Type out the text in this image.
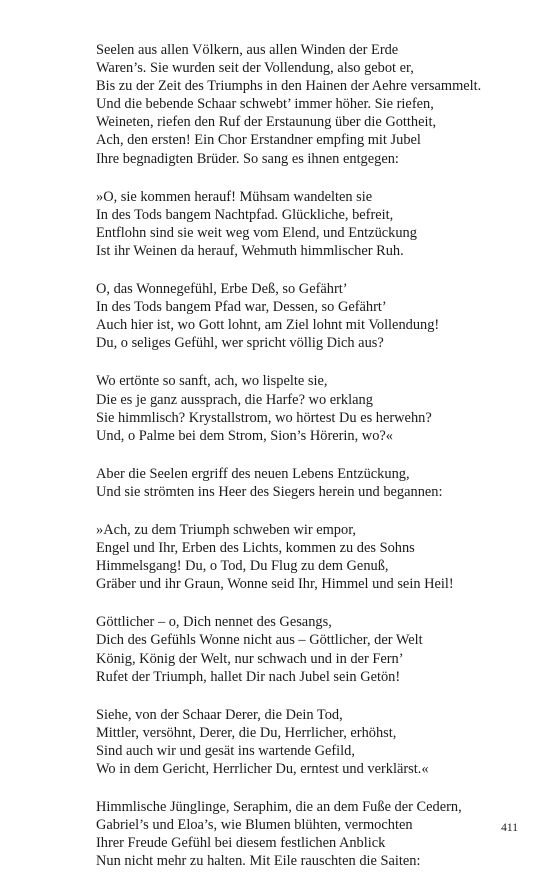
Seelen aus allen Völkern, aus allen Winden der Erde
Waren’s. Sie wurden seit der Vollendung, also gebot er,
Bis zu der Zeit des Triumphs in den Hainen der Aehre versammelt.
Und die bebende Schaar schwebt’ immer höher. Sie riefen,
Weineten, riefen den Ruf der Erstaunung über die Gottheit,
Ach, den ersten! Ein Chor Erstandner empfing mit Jubel
Ihre begnadigten Brüder. So sang es ihnen entgegen:
»O, sie kommen herauf! Mühsam wandelten sie
In des Tods bangem Nachtpfad. Glückliche, befreit,
Entflohn sind sie weit weg vom Elend, und Entzückung
Ist ihr Weinen da herauf, Wehmuth himmlischer Ruh.
O, das Wonnegefühl, Erbe Deß, so Gefährt’
In des Tods bangem Pfad war, Dessen, so Gefährt’
Auch hier ist, wo Gott lohnt, am Ziel lohnt mit Vollendung!
Du, o seliges Gefühl, wer spricht völlig Dich aus?
Wo ertönte so sanft, ach, wo lispelte sie,
Die es je ganz aussprach, die Harfe? wo erklang
Sie himmlisch? Krystallstrom, wo hörtest Du es herwehn?
Und, o Palme bei dem Strom, Sion’s Hörerin, wo?«
Aber die Seelen ergriff des neuen Lebens Entzückung,
Und sie strömten ins Heer des Siegers herein und begannen:
»Ach, zu dem Triumph schweben wir empor,
Engel und Ihr, Erben des Lichts, kommen zu des Sohns
Himmelsgang! Du, o Tod, Du Flug zu dem Genuß,
Gräber und ihr Graun, Wonne seid Ihr, Himmel und sein Heil!
Göttlicher – o, Dich nennet des Gesangs,
Dich des Gefühls Wonne nicht aus – Göttlicher, der Welt
König, König der Welt, nur schwach und in der Fern’
Rufet der Triumph, hallet Dir nach Jubel sein Getön!
Siehe, von der Schaar Derer, die Dein Tod,
Mittler, versöhnt, Derer, die Du, Herrlicher, erhöhst,
Sind auch wir und gesät ins wartende Gefild,
Wo in dem Gericht, Herrlicher Du, erntest und verklärst.«
Himmlische Jünglinge, Seraphim, die an dem Fuße der Cedern,
Gabriel’s und Eloa’s, wie Blumen blühten, vermochten
Ihrer Freude Gefühl bei diesem festlichen Anblick
Nun nicht mehr zu halten. Mit Eile rauschten die Saiten:
411
